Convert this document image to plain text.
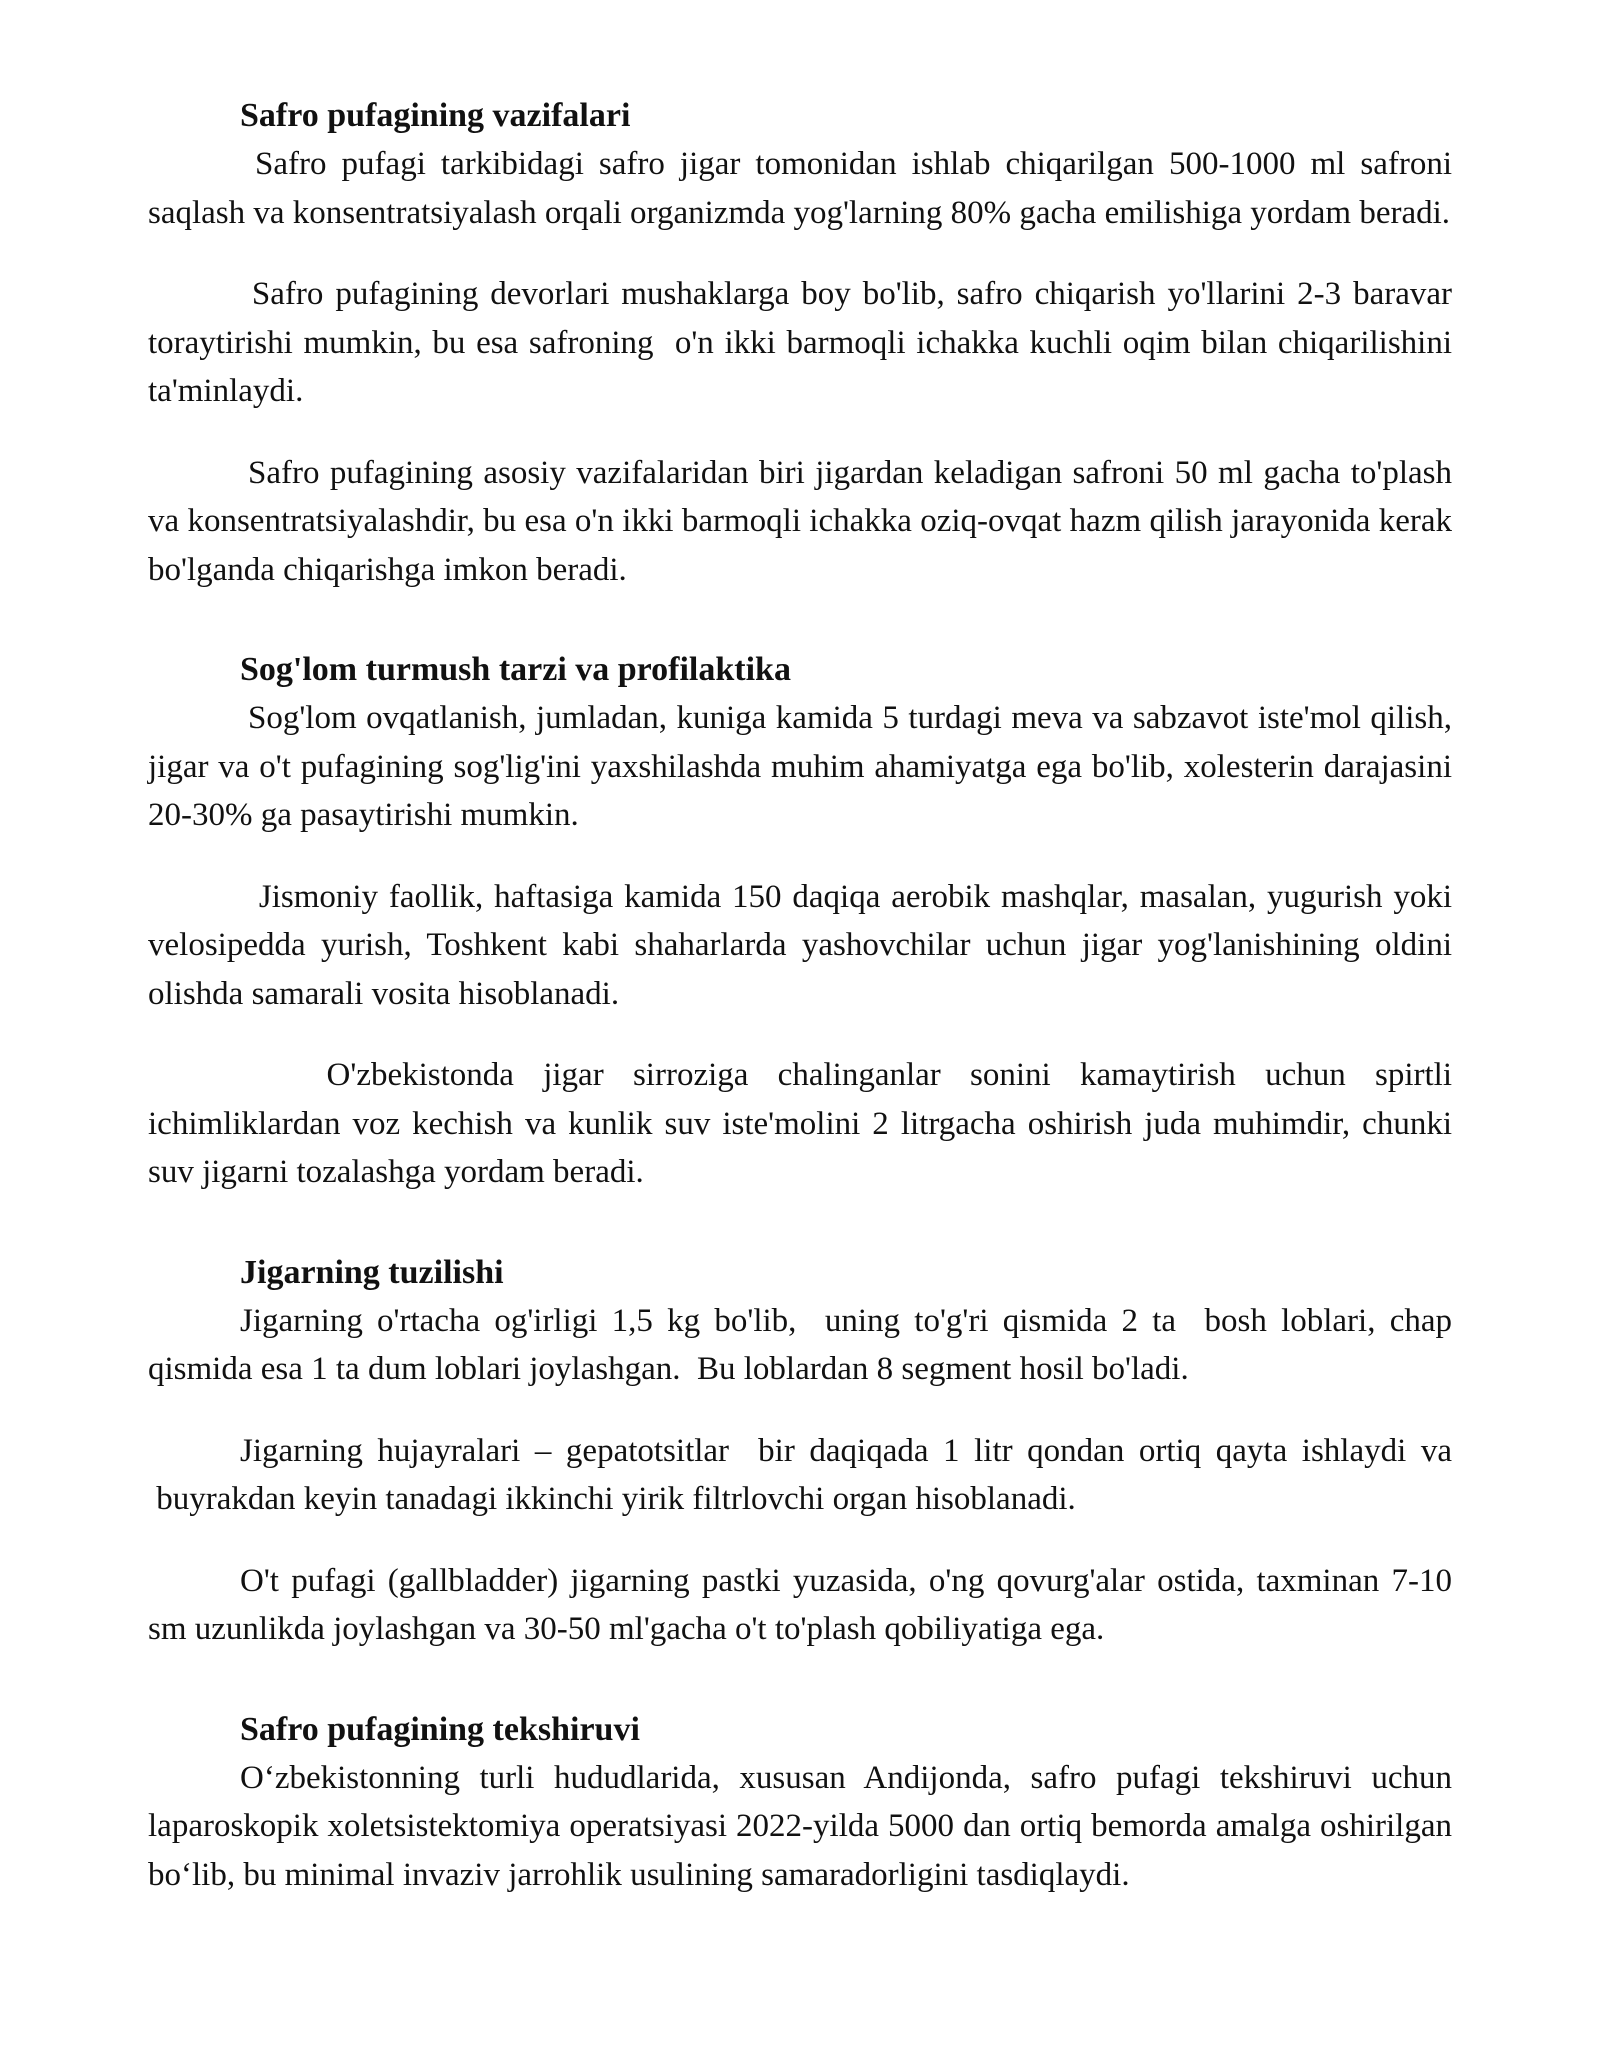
Safro pufagining vazifalari

Safro pufagi tarkibidagi safro jigar tomonidan ishlab chiqarilgan 500-1000 ml safroni saqlash va konsentratsiyalash orqali organizmda yog'larning 80% gacha emilishiga yordam beradi.

Safro pufagining devorlari mushaklarga boy bo'lib, safro chiqarish yo'llarini 2-3 baravar toraytirishi mumkin, bu esa safroning  o'n ikki barmoqli ichakka kuchli oqim bilan chiqarilishini ta'minlaydi.

Safro pufagining asosiy vazifalaridan biri jigardan keladigan safroni 50 ml gacha to'plash va konsentratsiyalashdir, bu esa o'n ikki barmoqli ichakka oziq-ovqat hazm qilish jarayonida kerak bo'lganda chiqarishga imkon beradi.

Sog'lom turmush tarzi va profilaktika

Sog'lom ovqatlanish, jumladan, kuniga kamida 5 turdagi meva va sabzavot iste'mol qilish, jigar va o't pufagining sog'lig'ini yaxshilashda muhim ahamiyatga ega bo'lib, xolesterin darajasini 20-30% ga pasaytirishi mumkin.

Jismoniy faollik, haftasiga kamida 150 daqiqa aerobik mashqlar, masalan, yugurish yoki velosipedda yurish, Toshkent kabi shaharlarda yashovchilar uchun jigar yog'lanishining oldini olishda samarali vosita hisoblanadi.

O'zbekistonda jigar sirroziga chalinganlar sonini kamaytirish uchun spirtli ichimliklardan voz kechish va kunlik suv iste'molini 2 litrgacha oshirish juda muhimdir, chunki suv jigarni tozalashga yordam beradi.

Jigarning tuzilishi

Jigarning o'rtacha og'irligi 1,5 kg bo'lib,  uning to'g'ri qismida 2 ta  bosh loblari, chap qismida esa 1 ta dum loblari joylashgan.  Bu loblardan 8 segment hosil bo'ladi.

Jigarning hujayralari – gepatotsitlar  bir daqiqada 1 litr qondan ortiq qayta ishlaydi va  buyrakdan keyin tanadagi ikkinchi yirik filtrlovchi organ hisoblanadi.

O't pufagi (gallbladder) jigarning pastki yuzasida, o'ng qovurg'alar ostida, taxminan 7-10 sm uzunlikda joylashgan va 30-50 ml'gacha o't to'plash qobiliyatiga ega.

Safro pufagining tekshiruvi

O‘zbekistonning turli hududlarida, xususan Andijonda, safro pufagi tekshiruvi uchun laparoskopik xoletsistektomiya operatsiyasi 2022-yilda 5000 dan ortiq bemorda amalga oshirilgan bo‘lib, bu minimal invaziv jarrohlik usulining samaradorligini tasdiqlaydi.
